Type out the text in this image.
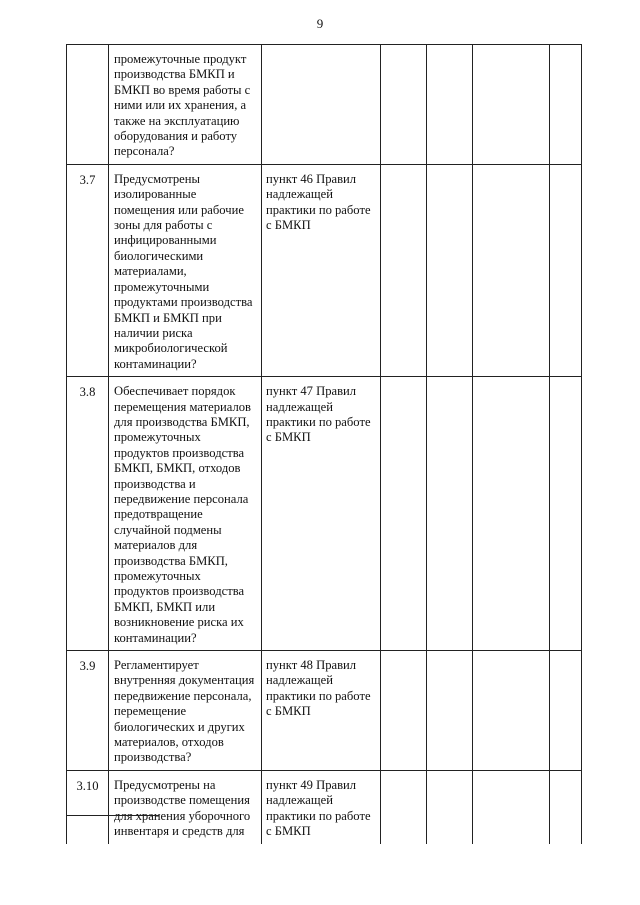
9

	промежуточные продукт производства БМКП и БМКП во время работы с ними или их хранения, а также на эксплуатацию оборудования и работу персонала?					

3.7	Предусмотрены изолированные помещения или рабочие зоны для работы с инфицированными биологическими материалами, промежуточными продуктами производства БМКП и БМКП при наличии риска микробиологической контаминации?	пункт 46 Правил надлежащей практики по работе с БМКП				

3.8	Обеспечивает порядок перемещения материалов для производства БМКП, промежуточных продуктов производства БМКП, БМКП, отходов производства и передвижение персонала предотвращение случайной подмены материалов для производства БМКП, промежуточных продуктов производства БМКП, БМКП или возникновение риска их контаминации?	пункт 47 Правил надлежащей практики по работе с БМКП				

3.9	Регламентирует внутренняя документация передвижение персонала, перемещение биологических и других материалов, отходов производства?	пункт 48 Правил надлежащей практики по работе с БМКП				

3.10	Предусмотрены на производстве помещения для хранения уборочного инвентаря и средств для	пункт 49 Правил надлежащей практики по работе с БМКП				
